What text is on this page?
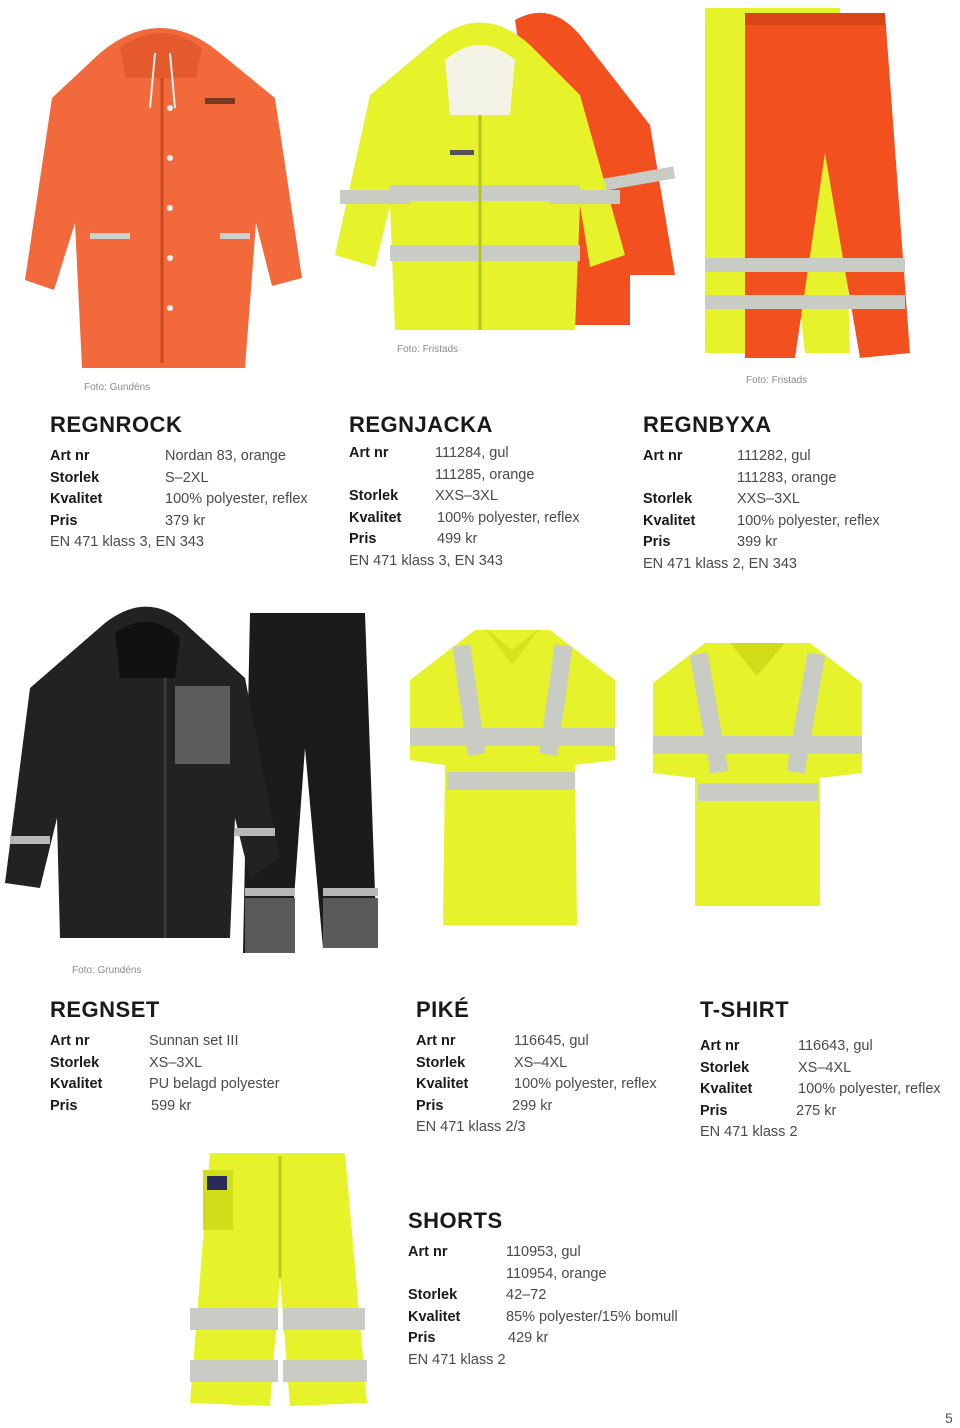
Foto: Gundéns
Foto: Fristads
Foto: Fristads
REGNROCK
Art nr	Nordan 83, orange
Storlek	S–2XL
Kvalitet	100% polyester, reflex
Pris	379 kr
EN 471 klass 3, EN 343
REGNJACKA
Art nr	111284, gul
111285, orange
Storlek	XXS–3XL
Kvalitet 100% polyester, reflex
Pris	499 kr
EN 471 klass 3, EN 343
REGNBYXA
Art nr	111282, gul
111283, orange
Storlek	XXS–3XL
Kvalitet	100% polyester, reflex
Pris	399 kr
EN 471 klass 2, EN 343
Foto: Grundéns
REGNSET
Art nr	Sunnan set III
Storlek	XS–3XL
Kvalitet	PU belagd polyester
Pris	599 kr
PIKÉ
Art nr	116645, gul
Storlek	XS–4XL
Kvalitet	100% polyester, reflex
Pris	299 kr
EN 471 klass 2/3
T-SHIRT
Art nr	116643, gul
Storlek	XS–4XL
Kvalitet	100% polyester, reflex
Pris	275 kr
EN 471 klass 2
SHORTS
Art nr	110953, gul
110954, orange
Storlek	42–72
Kvalitet	85% polyester/15% bomull
Pris	429 kr
EN 471 klass 2
5
